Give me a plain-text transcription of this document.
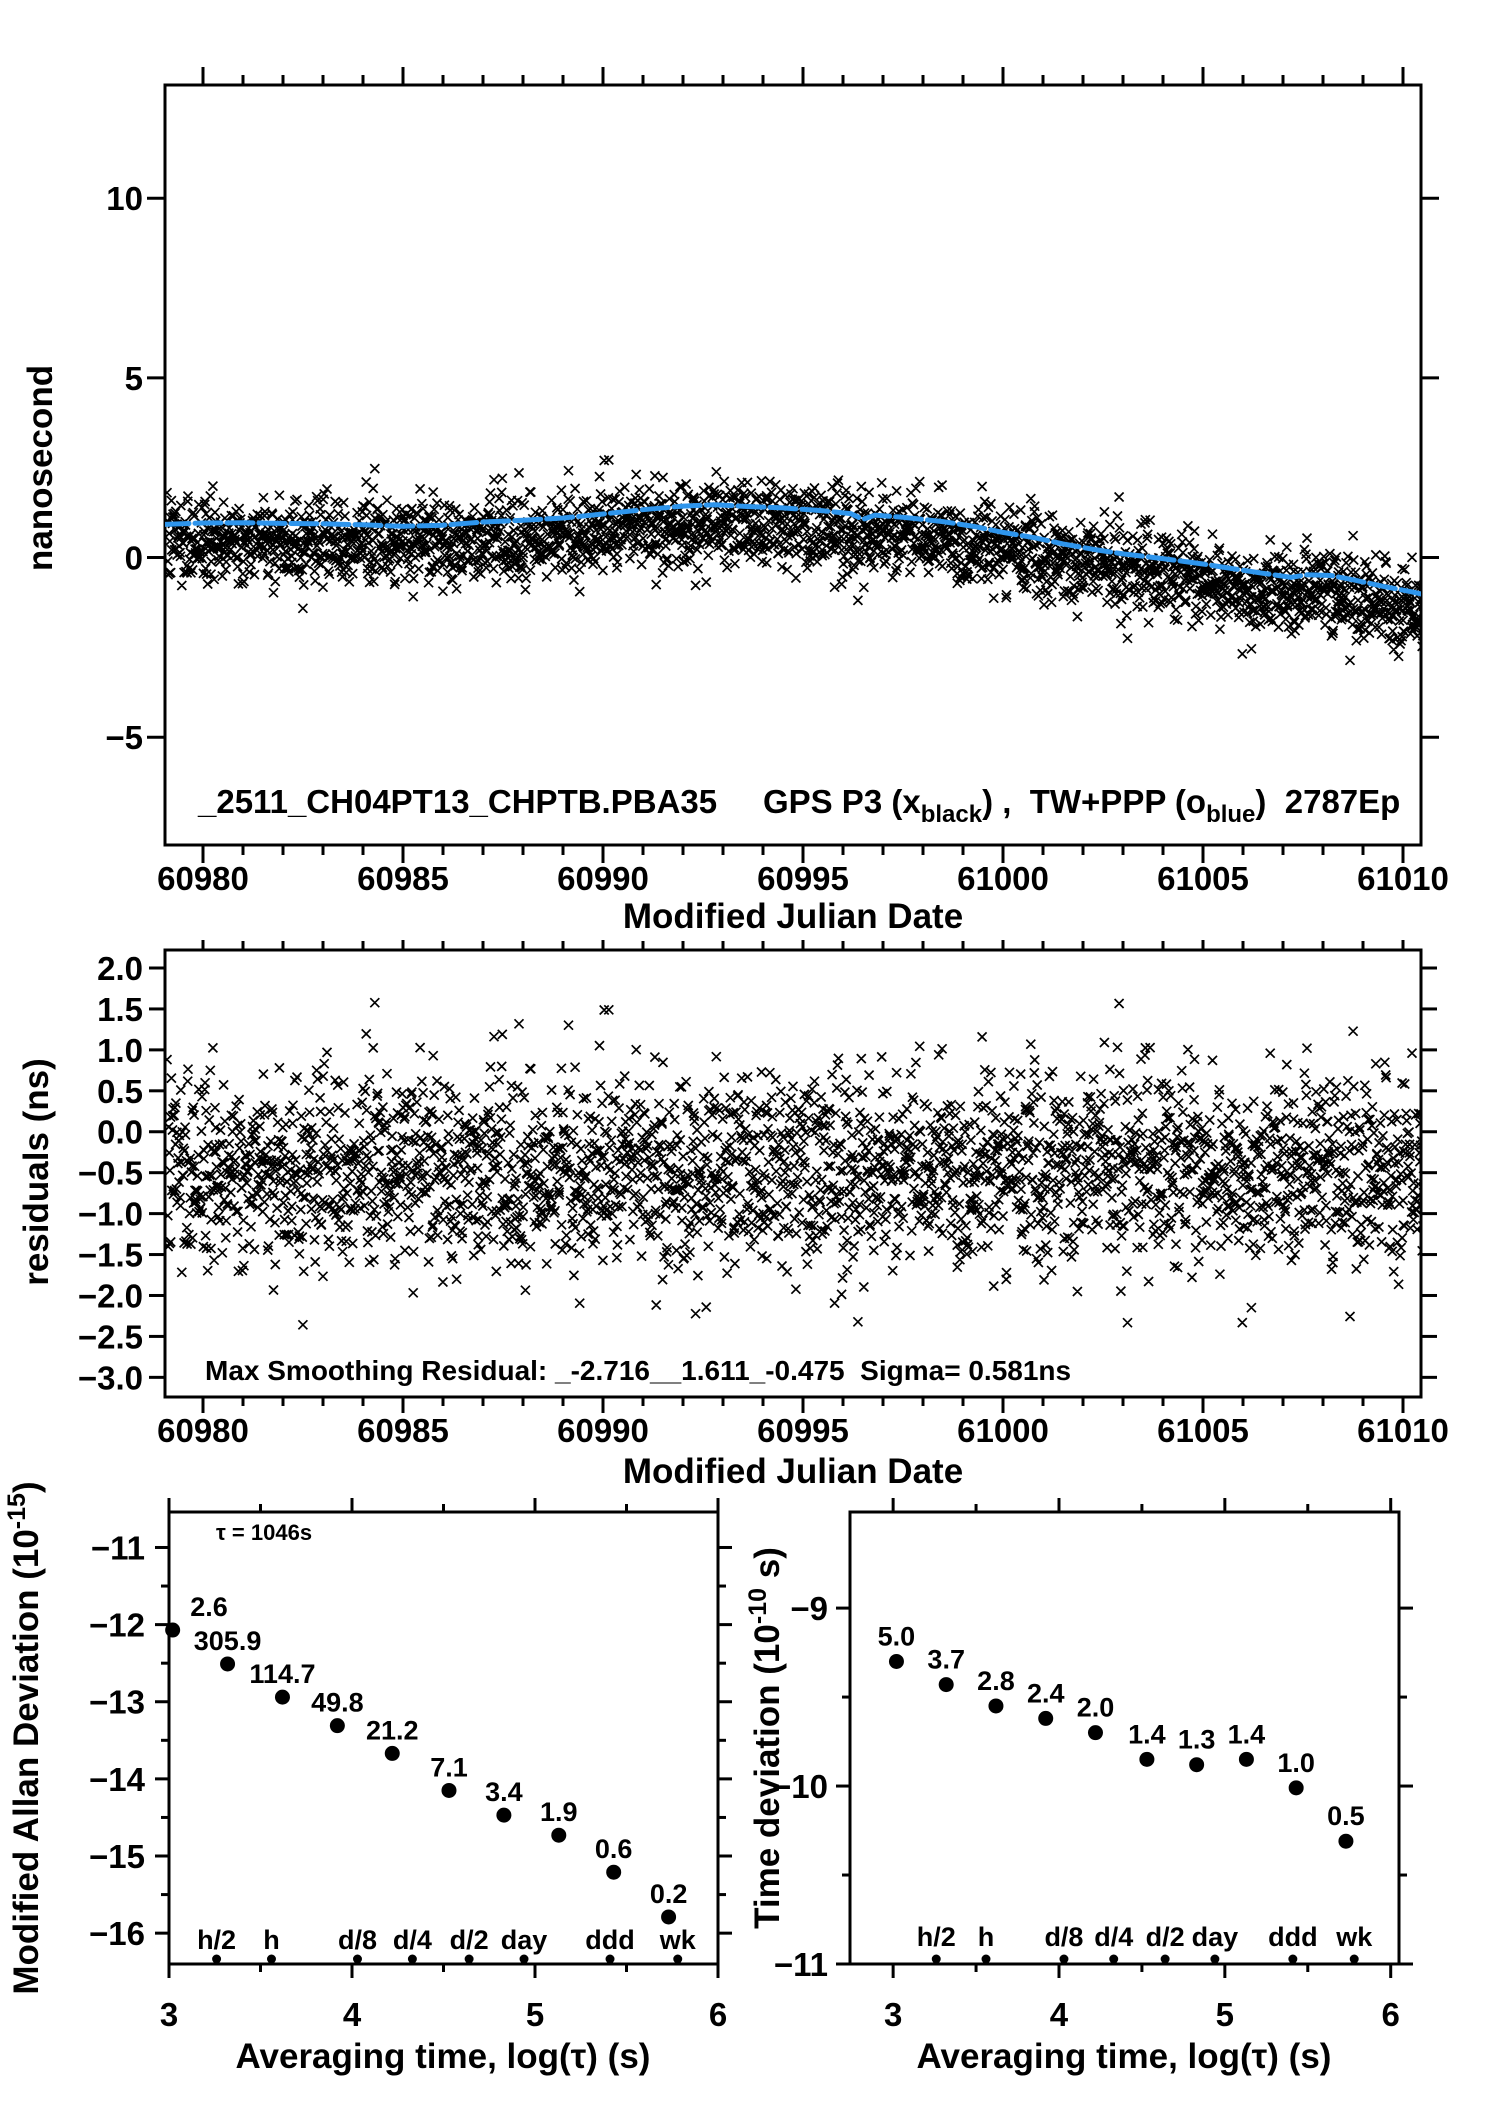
60980	60985	60990	60995	61000	61005	61010
−5
0
5
10
Modified Julian Date
nanosecond
_2511_CH04PT13_CHPTB.PBA35 GPS P3 $(x_{black})$ ,  TW+PPP $(o_{blue})$  2787Ep
60980	60985	60990	60995	61000	61005	61010
2.0
1.5
1.0
0.5
0.0
−0.5
−1.0
−1.5
−2.0
−2.5
−3.0
Modified Julian Date
residuals (ns)
Max Smoothing Residual: _-2.716__1.611_-0.475  Sigma= 0.581ns
3	4	5	6
−11
−12
−13
−14
−15
−16
2.6
305.9
114.7
49.8
21.2
7.1
3.4
1.9
0.6
0.2
h/2 h d/8 d/4 d/2 day ddd wk
Averaging time, log(τ) (s)
Modified Allan Deviation $(10^{-15})$
τ = 1046s
3	4	5	6
−9
−10
−11
5.0
3.7
2.8 2.4 2.0
1.4 1.3 1.4
1.0
0.5
h/2 h d/8 d/4 d/2 day ddd wk
Averaging time, log(τ) (s)
Time deviation ($10^{-10}$ s)
